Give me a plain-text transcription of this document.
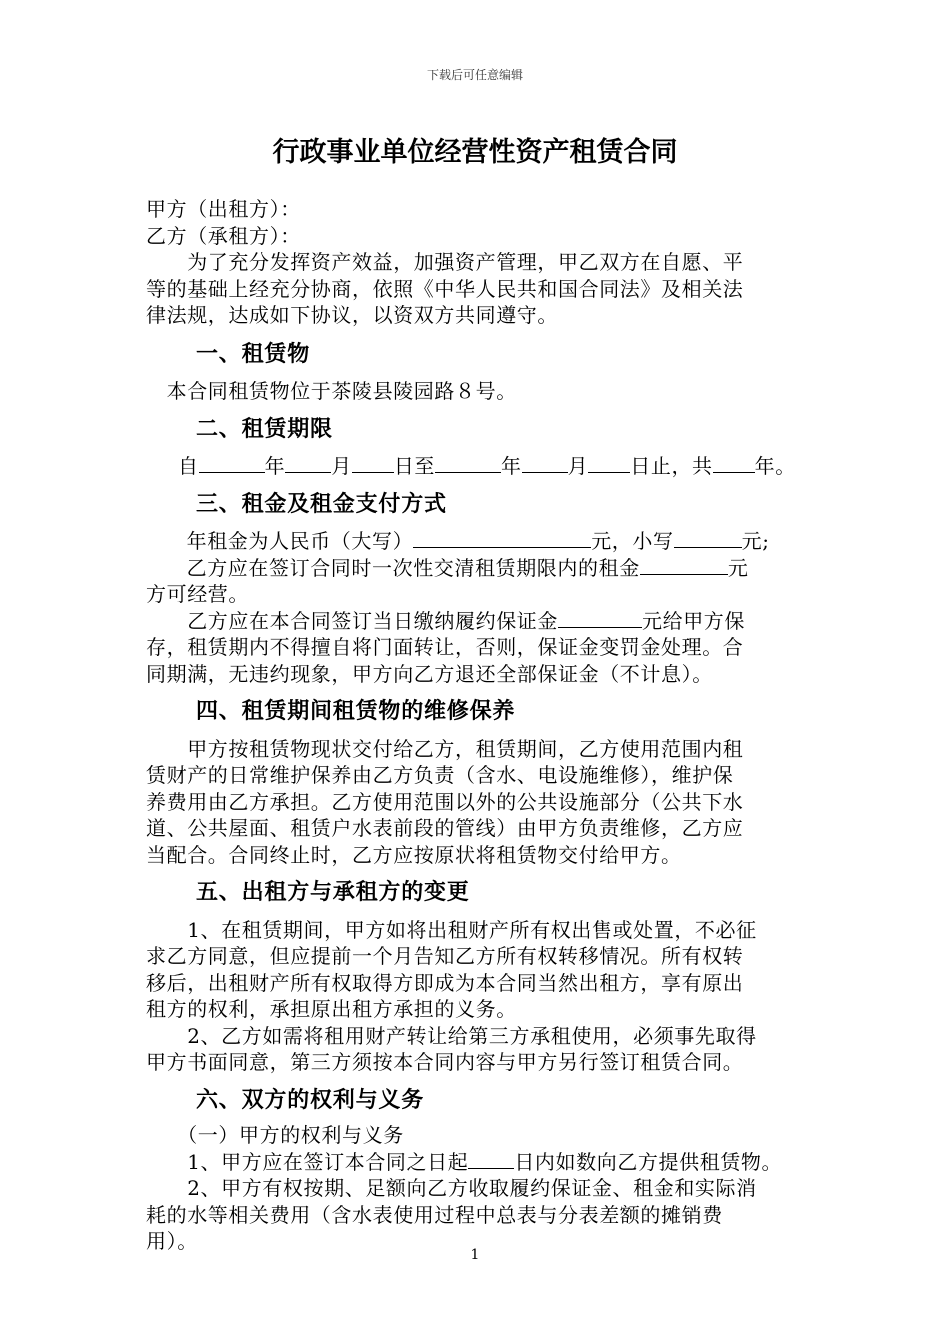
下载后可任意编辑
行政事业单位经营性资产租赁合同
甲方（出租方）：
乙方（承租方）：
　　为了充分发挥资产效益，加强资产管理，甲乙双方在自愿、平
等的基础上经充分协商，依照《中华人民共和国合同法》及相关法
律法规，达成如下协议，以资双方共同遵守。
一、租赁物
　本合同租赁物位于茶陵县陵园路８号。
二、租赁期限
自	年 月 日至	年 月 日止，共 年。
三、租金及租金支付方式
　年租金为人民币（大写）	元，小写	元;
　乙方应在签订合同时一次性交清租赁期限内的租金	元
方可经营。
　　乙方应在本合同签订当日缴纳履约保证金	元给甲方保
存，租赁期内不得擅自将门面转让，否则，保证金变罚金处理。合
同期满，无违约现象，甲方向乙方退还全部保证金（不计息）。
四、租赁期间租赁物的维修保养
　　甲方按租赁物现状交付给乙方，租赁期间，乙方使用范围内租
赁财产的日常维护保养由乙方负责（含水、电设施维修），维护保
养费用由乙方承担。乙方使用范围以外的公共设施部分（公共下水
道、公共屋面、租赁户水表前段的管线）由甲方负责维修，乙方应
当配合。合同终止时，乙方应按原状将租赁物交付给甲方。
五、出租方与承租方的变更
　　1、在租赁期间，甲方如将出租财产所有权出售或处置，不必征
求乙方同意，但应提前一个月告知乙方所有权转移情况。所有权转
移后，出租财产所有权取得方即成为本合同当然出租方，享有原出
租方的权利，承担原出租方承担的义务。
　　2、乙方如需将租用财产转让给第三方承租使用，必须事先取得
甲方书面同意，第三方须按本合同内容与甲方另行签订租赁合同。
六、双方的权利与义务
　　（一）甲方的权利与义务
　　1、甲方应在签订本合同之日起 日内如数向乙方提供租赁物。
　　2、甲方有权按期、足额向乙方收取履约保证金、租金和实际消
耗的水等相关费用（含水表使用过程中总表与分表差额的摊销费
用）。
1
